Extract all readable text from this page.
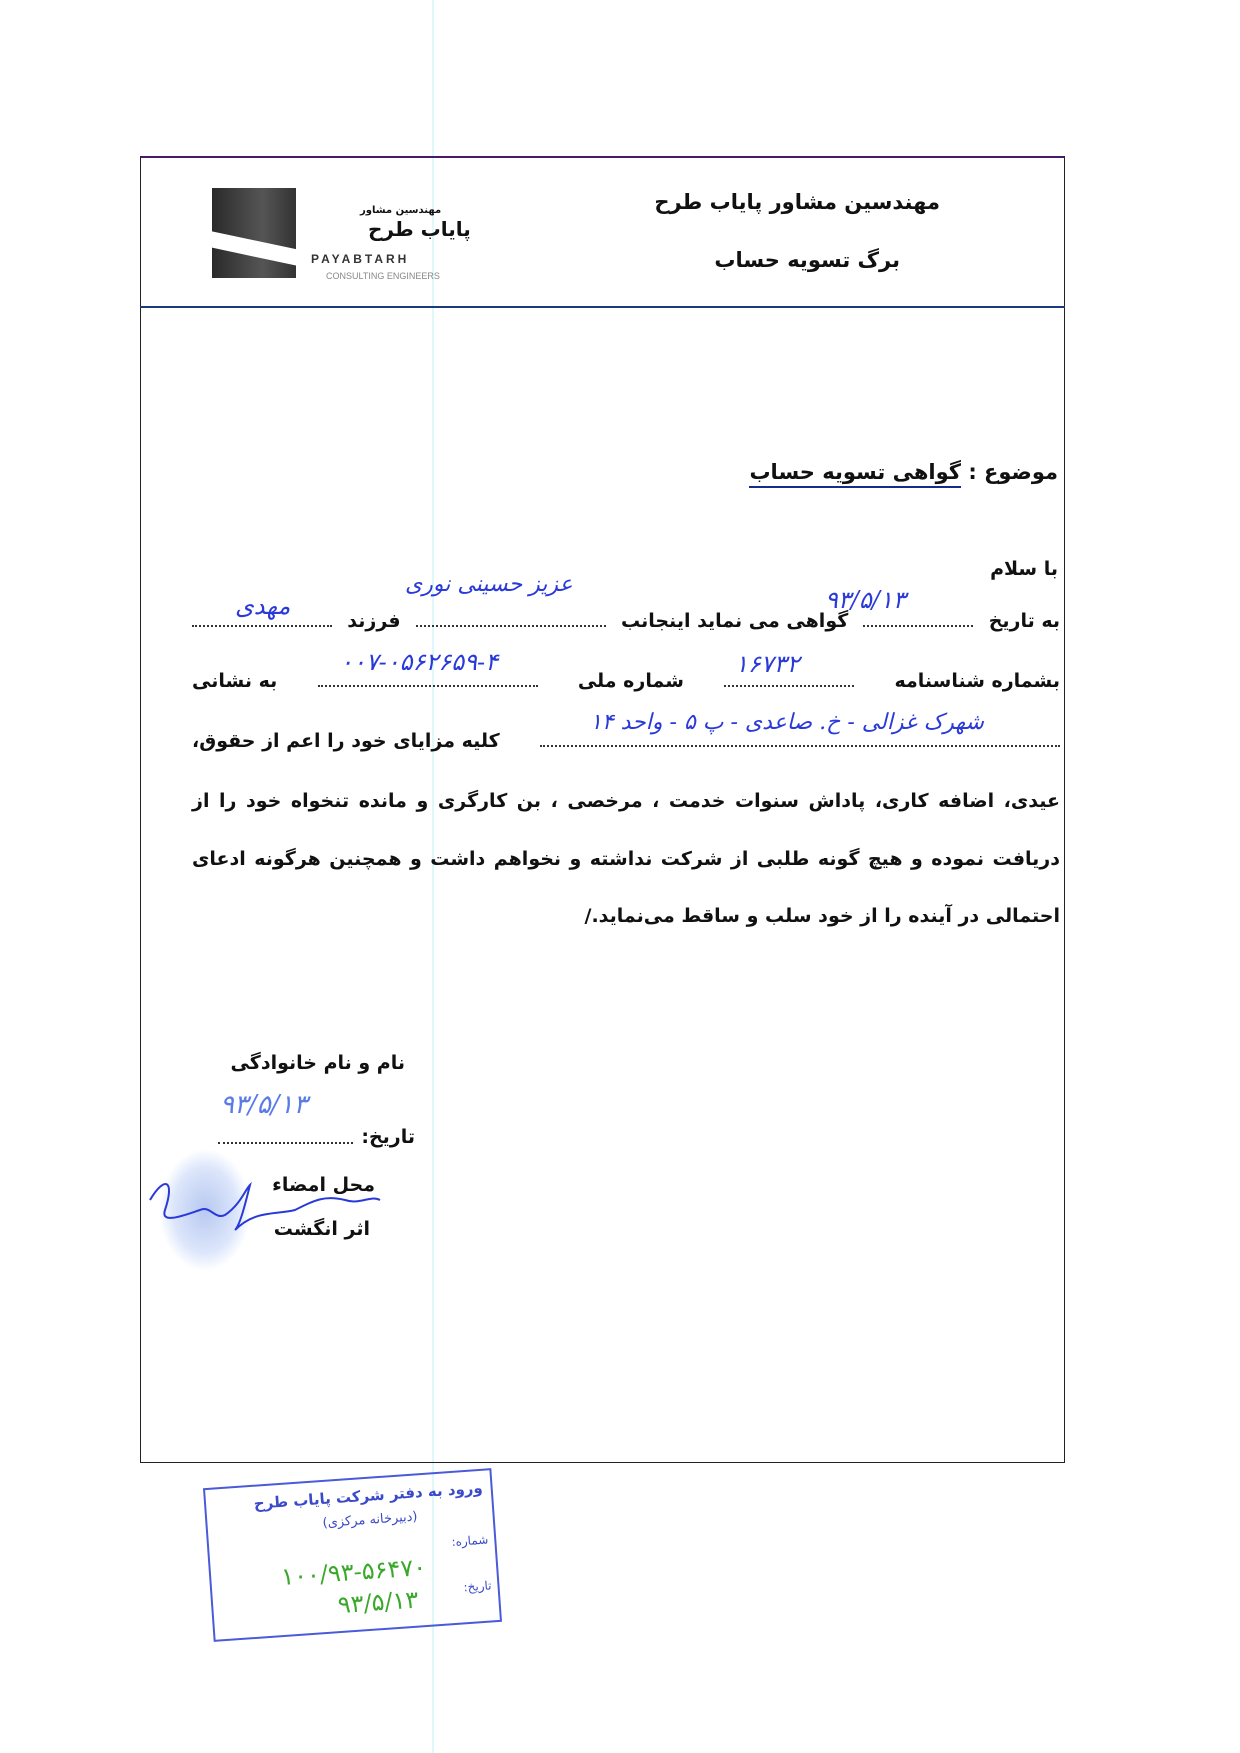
مهندسین مشاور پایاب طرح
برگ تسویه حساب
مهندسین مشاور
پایاب طرح
PAYABTARH
CONSULTING ENGINEERS
موضوع : گواهی تسویه حساب
با سلام
به تاریخ
گواهی می نماید اینجانب
فرزند
۹۳/۵/۱۳
عزیز حسینی نوری
مهدی
بشماره شناسنامه
شماره ملی
به نشانی
۱۶۷۳۲
۰۰۷-۰۵۶۲۶۵۹-۴
کلیه مزایای خود را اعم از حقوق،
شهرک غزالی - خ. صاعدی - پ ۵ - واحد ۱۴
عیدی، اضافه کاری، پاداش سنوات خدمت ، مرخصی ، بن کارگری و مانده تنخواه خود را از
دریافت نموده و هیچ گونه طلبی از شرکت نداشته و نخواهم داشت و همچنین هرگونه ادعای
احتمالی در آینده را از خود سلب و ساقط می‌نماید./
نام و نام خانوادگی
۹۳/۵/۱۳
تاریخ:
محل امضاء
اثر انگشت
ورود به دفتر شرکت پایاب طرح
(دبیرخانه مرکزی)
شماره:
۱۰۰/۹۳-۵۶۴۷۰	تاریخ:
۹۳/۵/۱۳
